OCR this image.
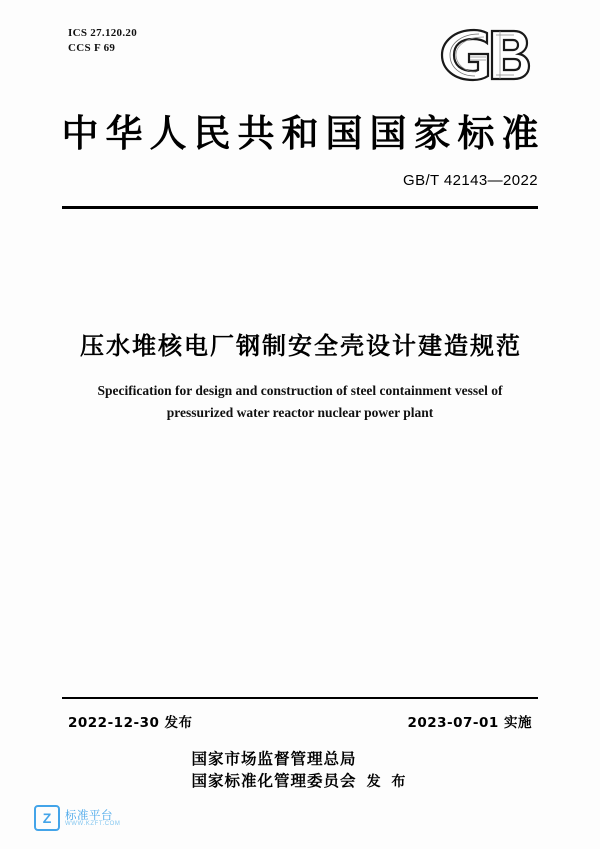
ICS 27.120.20
CCS F 69
中华人民共和国国家标准
GB/T 42143—2022
压水堆核电厂钢制安全壳设计建造规范
Specification for design and construction of steel containment vessel of
pressurized water reactor nuclear power plant
2022-12-30 发布	2023-07-01 实施
国家市场监督管理总局
国家标准化管理委员会 发 布
Z	标准平台
WWW.KZFT.COM
